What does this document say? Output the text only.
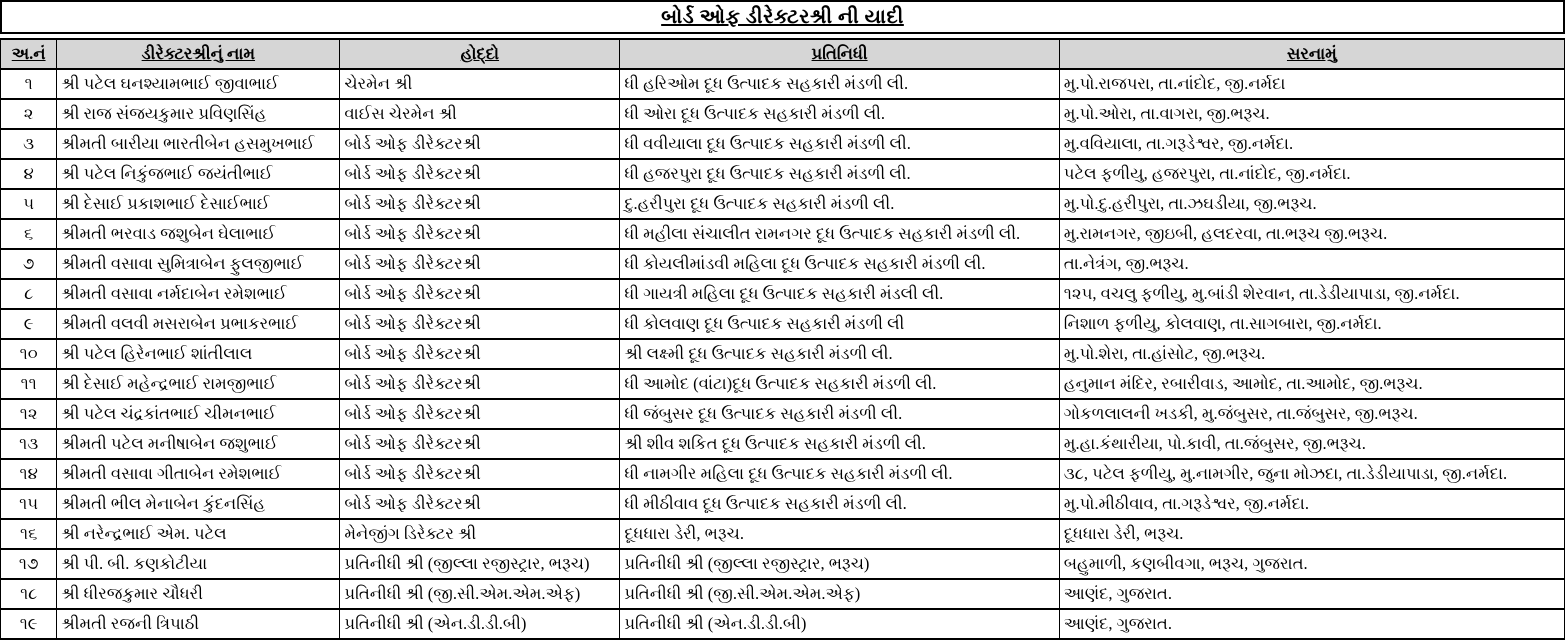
બોર્ડ ઓફ ડીરેક્ટરશ્રી ની યાદી
અ.નં	ડીરેક્ટરશ્રીનું નામ	હોદ્દો	પ્રતિનિધી	સરનામું
૧	શ્રી પટેલ ઘનશ્યામભાઈ જીવાભાઈ	ચેરમેન શ્રી	ધી હરિઓમ દૂધ ઉત્પાદક સહકારી મંડળી લી.	મુ.પો.રાજપરા, તા.નાંદોદ, જી.નર્મદા
૨	શ્રી રાજ સંજયકુમાર પ્રવિણસિંહ	વાઈસ ચેરમેન શ્રી	ધી ઓરા દૂધ ઉત્પાદક સહકારી મંડળી લી.	મુ.પો.ઓરા, તા.વાગરા, જી.ભરૂચ.
૩	શ્રીમતી બારીયા ભારતીબેન હસમુખભાઈ	બોર્ડ ઓફ ડીરેક્ટરશ્રી	ધી વવીયાલા દૂધ ઉત્પાદક સહકારી મંડળી લી.	મુ.વવિયાલા, તા.ગરૂડેશ્વર, જી.નર્મદા.
૪	શ્રી પટેલ નિકુંજભાઈ જયંતીભાઈ	બોર્ડ ઓફ ડીરેક્ટરશ્રી	ધી હજરપુરા દૂધ ઉત્પાદક સહકારી મંડળી લી.	પટેલ ફળીયુ, હજરપુરા, તા.નાંદોદ, જી.નર્મદા.
૫	શ્રી દેસાઈ પ્રકાશભાઈ દેસાઈભાઈ	બોર્ડ ઓફ ડીરેક્ટરશ્રી	દુ.હરીપુરા દૂધ ઉત્પાદક સહકારી મંડળી લી.	મુ.પો.દુ.હરીપુરા, તા.ઝઘડીયા, જી.ભરૂચ.
૬	શ્રીમતી ભરવાડ જશુબેન ઘેલાભાઈ	બોર્ડ ઓફ ડીરેક્ટરશ્રી	ધી મહીલા સંચાલીત રામનગર દૂધ ઉત્પાદક સહકારી મંડળી લી.	મુ.રામનગર, જીઇબી, હલદરવા, તા.ભરૂચ જી.ભરૂચ.
૭	શ્રીમતી વસાવા સુમિત્રાબેન ફુલજીભાઈ	બોર્ડ ઓફ ડીરેક્ટરશ્રી	ધી કોયલીમાંડવી મહિલા દૂધ ઉત્પાદક સહકારી મંડળી લી.	તા.નેત્રંગ, જી.ભરૂચ.
૮	શ્રીમતી વસાવા નર્મદાબેન રમેશભાઈ	બોર્ડ ઓફ ડીરેક્ટરશ્રી	ધી ગાયત્રી મહિલા દૂધ ઉત્પાદક સહકારી મંડલી લી.	૧૨૫, વચલુ ફળીયુ, મુ.બાંડી શેરવાન, તા.ડેડીયાપાડા, જી.નર્મદા.
૯	શ્રીમતી વલવી મસરાબેન પ્રભાકરભાઈ	બોર્ડ ઓફ ડીરેક્ટરશ્રી	ધી કોલવાણ દૂધ ઉત્પાદક સહકારી મંડળી લી	નિશાળ ફળીયુ, કોલવાણ, તા.સાગબારા, જી.નર્મદા.
૧૦	શ્રી પટેલ હિરેનભાઈ શાંતીલાલ	બોર્ડ ઓફ ડીરેક્ટરશ્રી	શ્રી લક્ષ્મી દૂધ ઉત્પાદક સહકારી મંડળી લી.	મુ.પો.શેરા, તા.હાંસોટ, જી.ભરૂચ.
૧૧	શ્રી દેસાઈ મહેન્દ્રભાઈ રામજીભાઈ	બોર્ડ ઓફ ડીરેક્ટરશ્રી	ધી આમોદ (વાંટા)દૂધ ઉત્પાદક સહકારી મંડળી લી.	હનુમાન મંદિર, રબારીવાડ, આમોદ, તા.આમોદ, જી.ભરૂચ.
૧૨	શ્રી પટેલ ચંદ્રકાંતભાઈ ચીમનભાઈ	બોર્ડ ઓફ ડીરેક્ટરશ્રી	ધી જંબુસર દૂધ ઉત્પાદક સહકારી મંડળી લી.	ગોકળલાલની ખડકી, મુ.જંબુસર, તા.જંબુસર, જી.ભરૂચ.
૧૩	શ્રીમતી પટેલ મનીષાબેન જશુભાઈ	બોર્ડ ઓફ ડીરેક્ટરશ્રી	શ્રી શીવ શકિત દૂધ ઉત્પાદક સહકારી મંડળી લી.	મુ.હા.કંથારીયા, પો.કાવી, તા.જંબુસર, જી.ભરૂચ.
૧૪	શ્રીમતી વસાવા ગીતાબેન રમેશભાઈ	બોર્ડ ઓફ ડીરેક્ટરશ્રી	ધી નામગીર મહિલા દૂધ ઉત્પાદક સહકારી મંડળી લી.	૩૮, પટેલ ફળીયુ, મુ.નામગીર, જુના મોઝદા, તા.ડેડીયાપાડા, જી.નર્મદા.
૧૫	શ્રીમતી ભીલ મેનાબેન કુંદનસિંહ	બોર્ડ ઓફ ડીરેક્ટરશ્રી	ધી મીઠીવાવ દૂધ ઉત્પાદક સહકારી મંડળી લી.	મુ.પો.મીઠીવાવ, તા.ગરૂડેશ્વર, જી.નર્મદા.
૧૬	શ્રી નરેન્દ્રભાઈ એમ. પટેલ	મેનેજીંગ ડિરેક્ટર શ્રી	દૂધધારા ડેરી, ભરૂચ.	દૂધધારા ડેરી, ભરૂચ.
૧૭	શ્રી પી. બી. કણકોટીયા	પ્રતિનીધી શ્રી (જીલ્લા રજીસ્ટ્રાર, ભરૂચ)	પ્રતિનીધી શ્રી (જીલ્લા રજીસ્ટ્રાર, ભરૂચ)	બહુમાળી, કણબીવગા, ભરૂચ, ગુજરાત.
૧૮	શ્રી ધીરજકુમાર ચૌધરી	પ્રતિનીધી શ્રી (જી.સી.એમ.એમ.એફ)	પ્રતિનીધી શ્રી (જી.સી.એમ.એમ.એફ)	આણંદ, ગુજરાત.
૧૯	શ્રીમતી રજની ત્રિપાઠી	પ્રતિનીધી શ્રી (એન.ડી.ડી.બી)	પ્રતિનીધી શ્રી (એન.ડી.ડી.બી)	આણંદ, ગુજરાત.
